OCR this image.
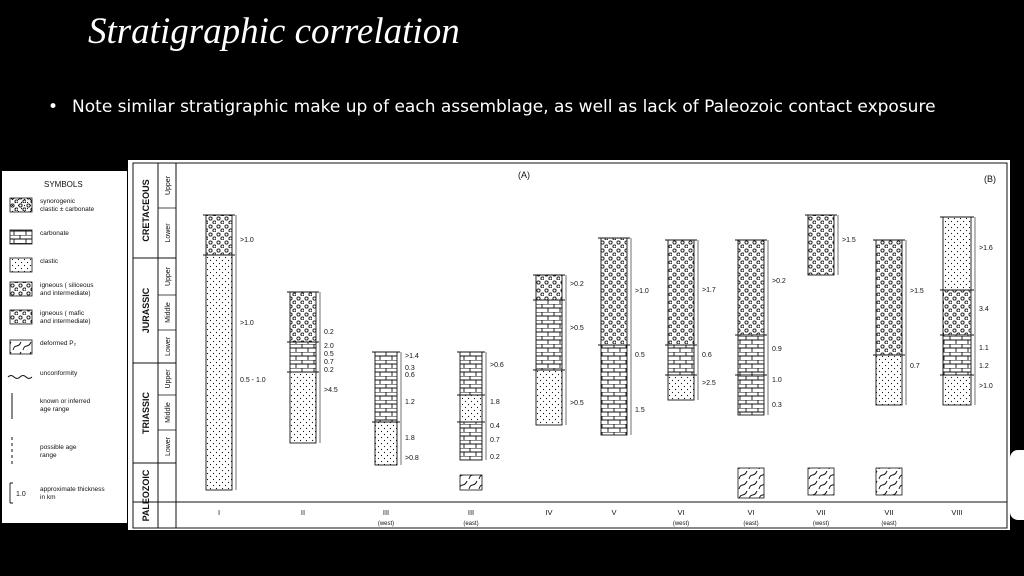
Stratigraphic correlation
• Note similar stratigraphic make up of each assemblage, as well as lack of Paleozoic contact exposure
SYMBOLS
synorogenic
clastic ± carbonate
carbonate
clastic
igneous ( siliceous
and intermediate)
igneous ( mafic
and intermediate)
deformed P₂
unconformity
known or inferred
age range
possible age
range
1.0
approximate thickness
in km
CRETACEOUS Upper
Lower
JURASSIC
Upper
Middle
Lower
TRIASSIC
Upper
Middle
Lower
PALEOZOIC
(A)	(B)
>1.0
>1.0
0.5 - 1.0
I
0.2
2.0
0.5
0.7
0.2
>4.5
II
>1.4
0.3
0.6
1.2
1.8
>0.8
III
(west)
>0.6
1.8
0.4
0.7
0.2
III
(east)
>0.2
>0.5
>0.5
IV
>1.0
0.5
1.5
V
>1.7
0.6
>2.5
VI
(west)
>0.2
0.9
1.0
0.3
VI
(east)
>1.5
VII
(west)
>1.5
0.7
VII
(east)
>1.6
3.4
1.1
1.2
>1.0
VIII
